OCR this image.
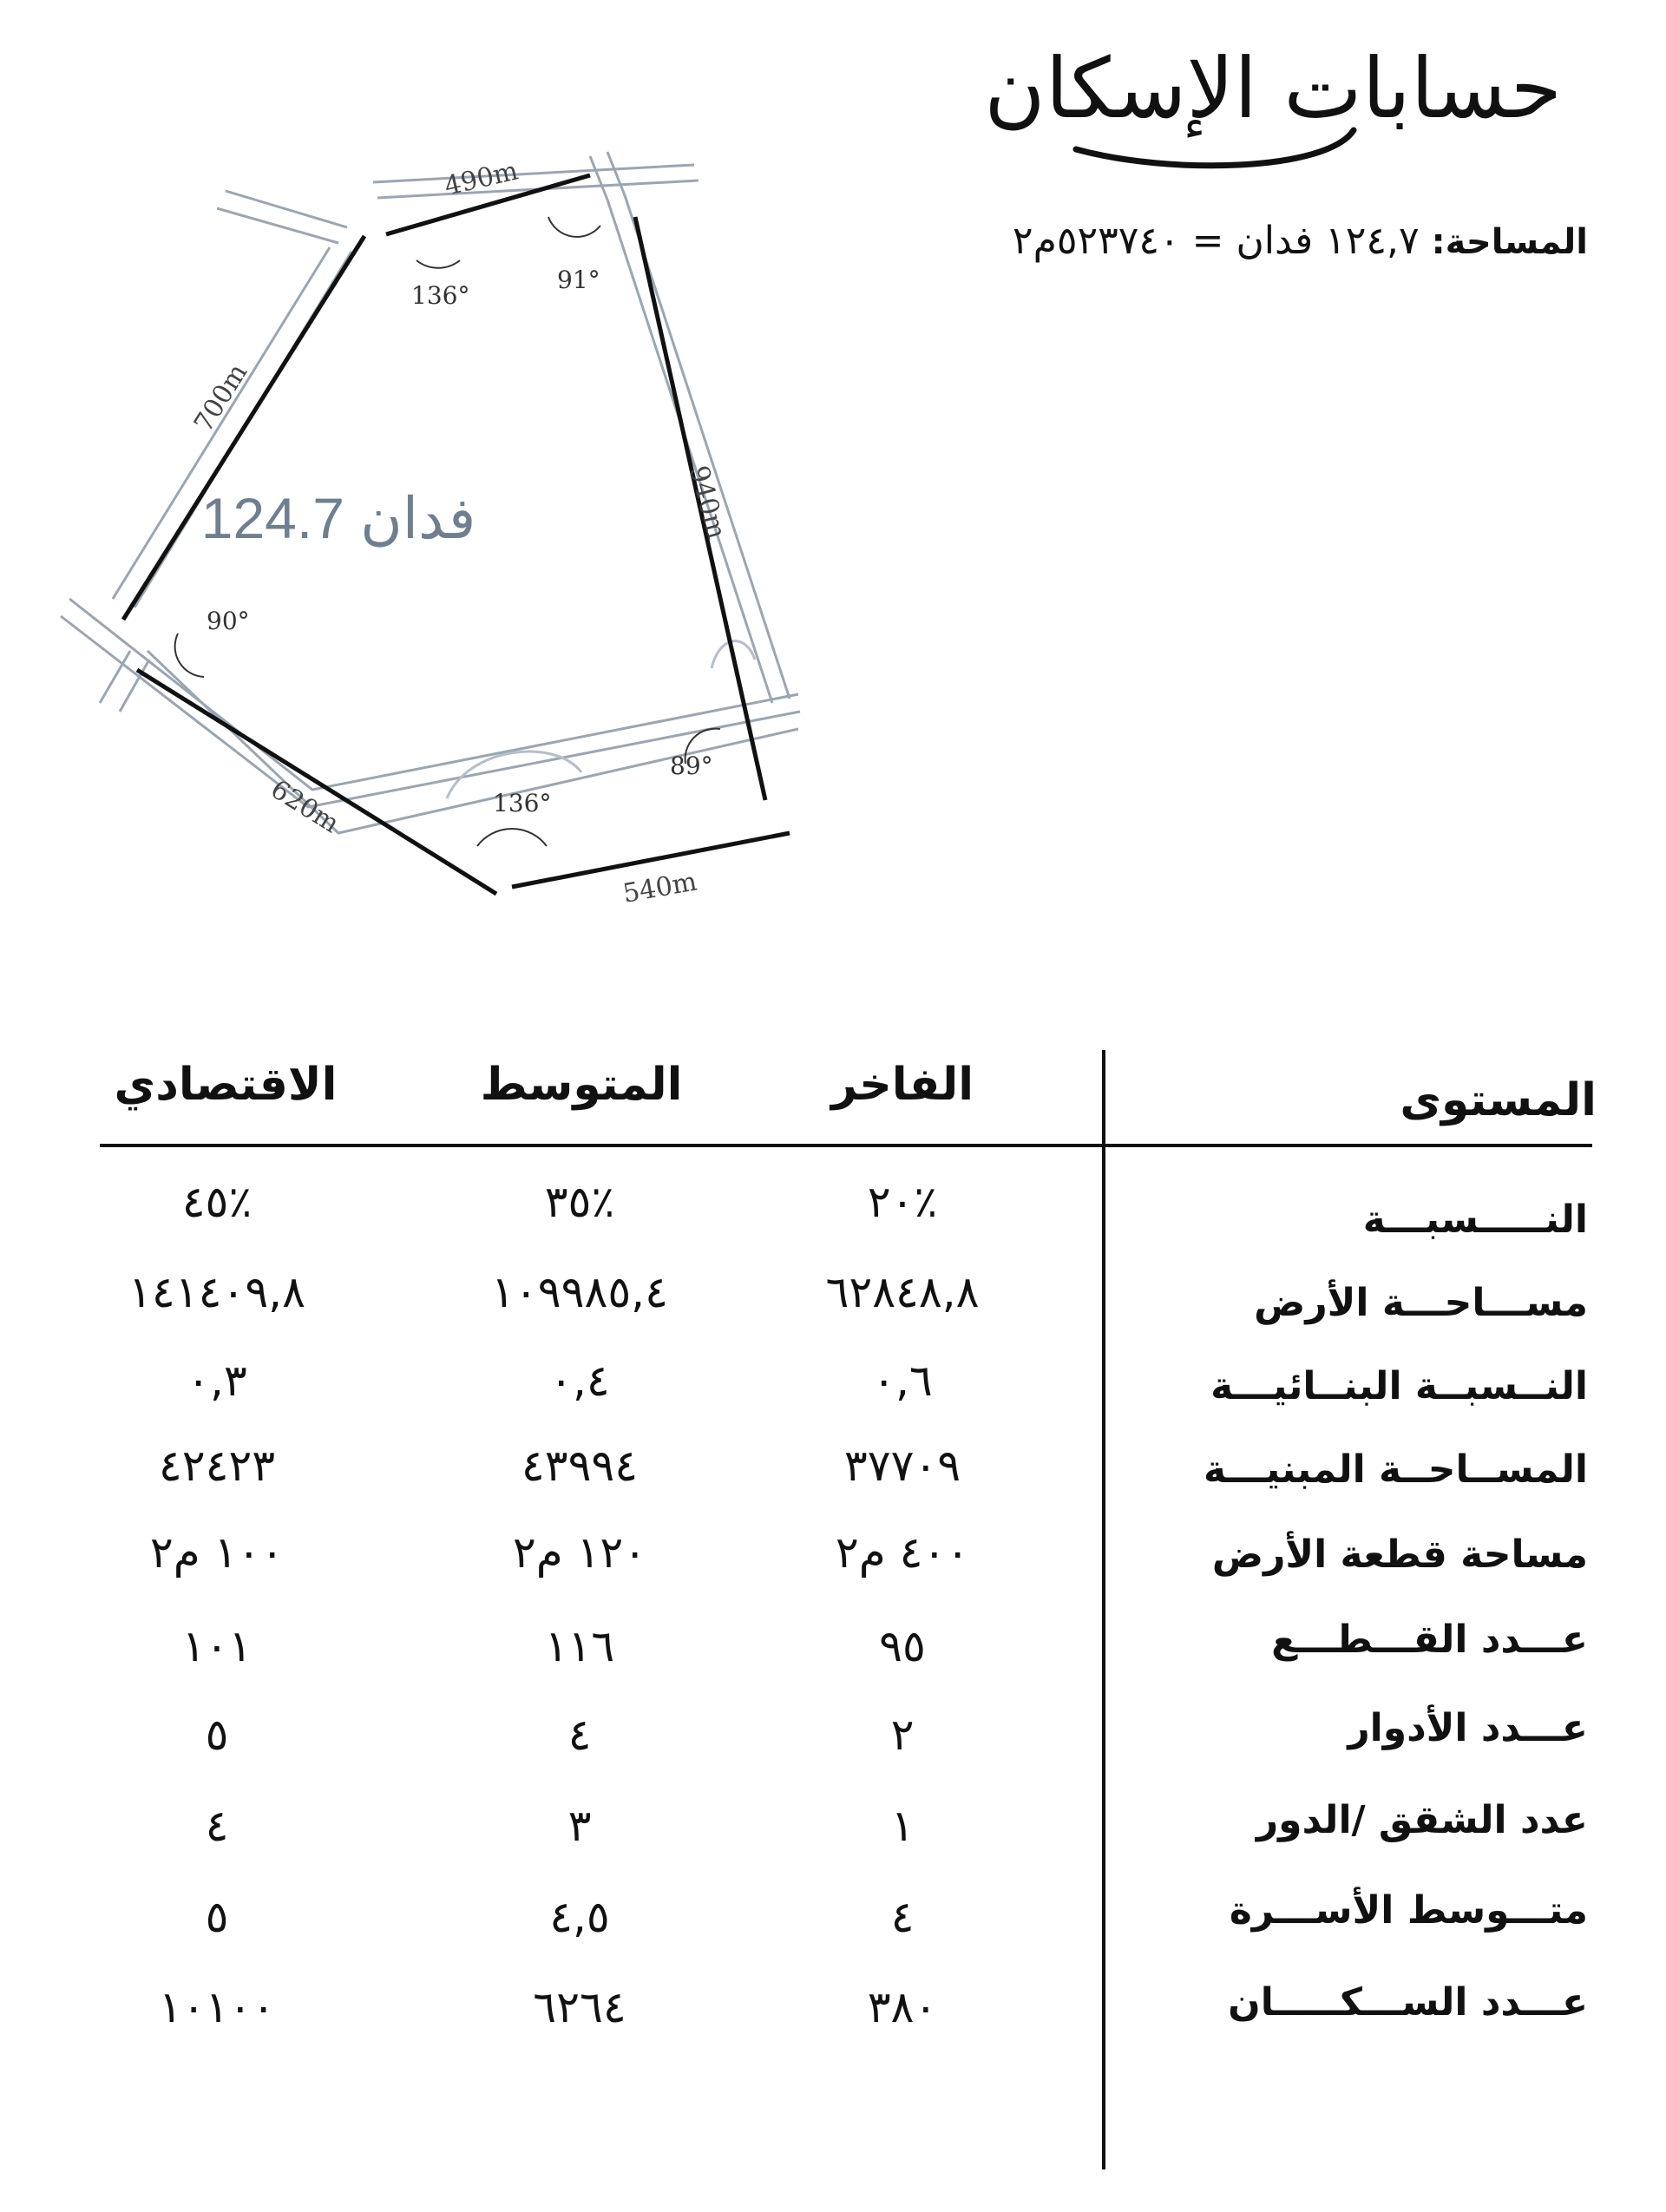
حسابات الإسكان
المساحة: ١٢٤,٧ فدان = ٥٢٣٧٤٠م٢
490m
940m
540m
620m
700m
136°
91°
89°
136°
90°
124.7 فدان
المستوى
الفاخر
المتوسط
الاقتصادي
النـــــسبـــة
٪٢٠
٪٣٥
٪٤٥
مســـاحـــة الأرض
٦٢٨٤٨,٨
١٠٩٩٨٥,٤
١٤١٤٠٩,٨
النــسبــة البنــائيـــة
٠,٦
٠,٤
٠,٣
المســاحــة المبنيـــة
٣٧٧٠٩
٤٣٩٩٤
٤٢٤٢٣
مساحة قطعة الأرض
٤٠٠ م٢
١٢٠ م٢
١٠٠ م٢
عـــدد القـــطـــع
٩٥
١١٦
١٠١
عـــدد الأدوار
٢
٤
٥
عدد الشقق /الدور
١
٣
٤
متـــوسط الأســـرة
٤
٤,٥
٥
عـــدد الســـكـــــان
٣٨٠
٦٢٦٤
١٠١٠٠
